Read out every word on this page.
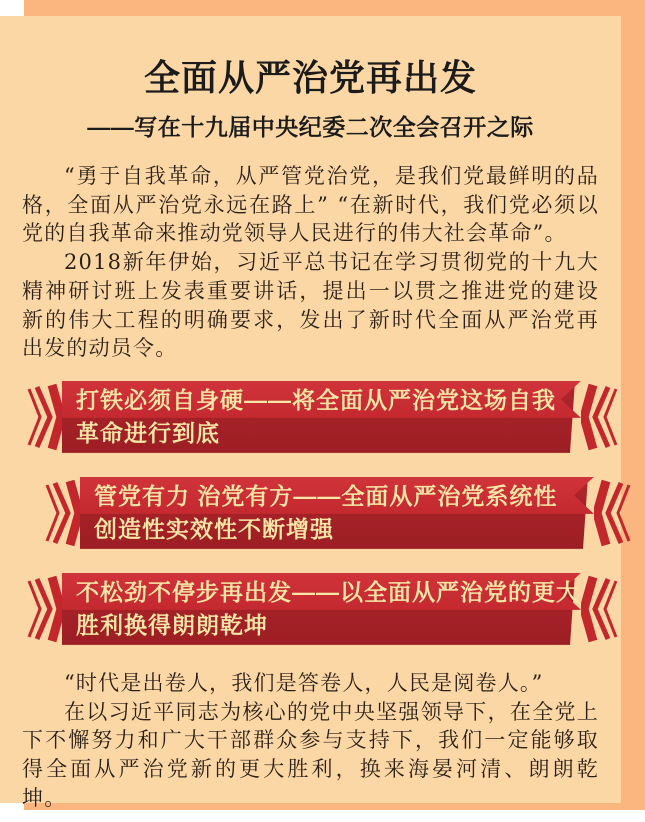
全面从严治党再出发
——写在十九届中央纪委二次全会召开之际

“勇于自我革命，从严管党治党，是我们党最鲜明的品格，全面从严治党永远在路上” “在新时代，我们党必须以党的自我革命来推动党领导人民进行的伟大社会革命”。

2018新年伊始，习近平总书记在学习贯彻党的十九大精神研讨班上发表重要讲话，提出一以贯之推进党的建设新的伟大工程的明确要求，发出了新时代全面从严治党再出发的动员令。

打铁必须自身硬——将全面从严治党这场自我
革命进行到底
管党有力 治党有方——全面从严治党系统性
创造性实效性不断增强
不松劲不停步再出发——以全面从严治党的更大
胜利换得朗朗乾坤

“时代是出卷人，我们是答卷人，人民是阅卷人。”

在以习近平同志为核心的党中央坚强领导下，在全党上下不懈努力和广大干部群众参与支持下，我们一定能够取得全面从严治党新的更大胜利，换来海晏河清、朗朗乾坤。
